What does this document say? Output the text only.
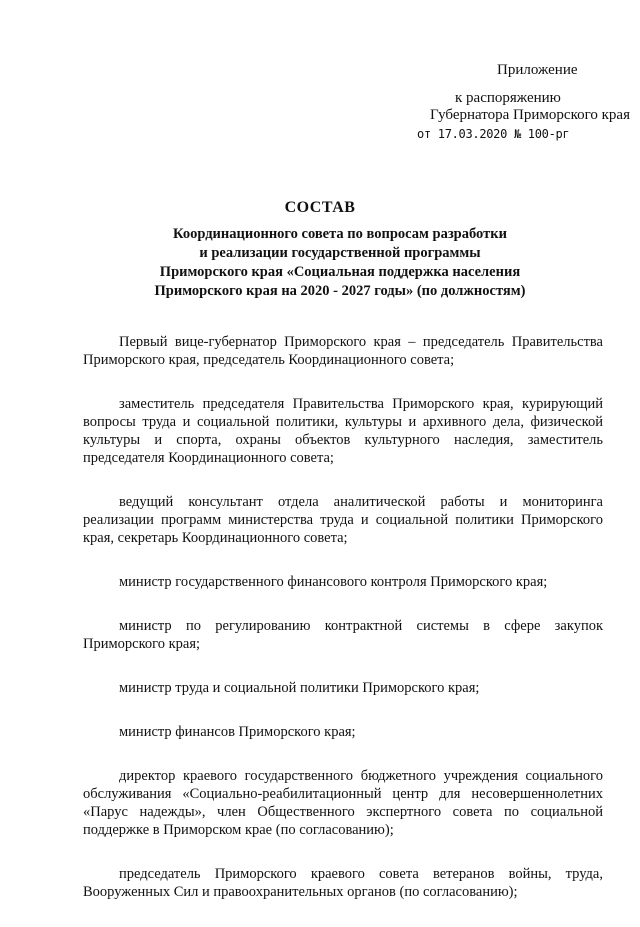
Приложение
к распоряжению
Губернатора Приморского края
от 17.03.2020 № 100-рг
СОСТАВ
Координационного совета по вопросам разработки
и реализации государственной программы
Приморского края «Социальная поддержка населения
Приморского края на 2020 - 2027 годы» (по должностям)

Первый вице-губернатор Приморского края – председатель Правительства Приморского края, председатель Координационного совета;

заместитель председателя Правительства Приморского края, курирующий вопросы труда и социальной политики, культуры и архивного дела, физической культуры и спорта, охраны объектов культурного наследия, заместитель председателя Координационного совета;

ведущий консультант отдела аналитической работы и мониторинга реализации программ министерства труда и социальной политики Приморского края, секретарь Координационного совета;

министр государственного финансового контроля Приморского края;

министр по регулированию контрактной системы в сфере закупок Приморского края;

министр труда и социальной политики Приморского края;

министр финансов Приморского края;

директор краевого государственного бюджетного учреждения социального обслуживания «Социально-реабилитационный центр для несовершеннолетних «Парус надежды», член Общественного экспертного совета по социальной поддержке в Приморском крае (по согласованию);

председатель Приморского краевого совета ветеранов войны, труда, Вооруженных Сил и правоохранительных органов (по согласованию);
